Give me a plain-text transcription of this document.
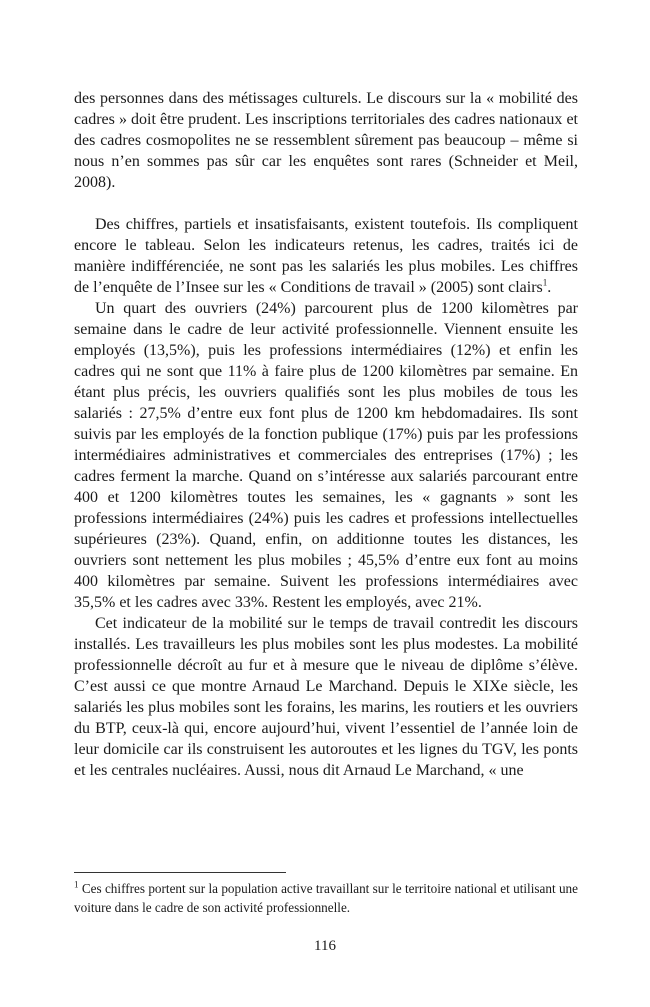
des personnes dans des métissages culturels. Le discours sur la « mobilité des cadres » doit être prudent. Les inscriptions territoriales des cadres nationaux et des cadres cosmopolites ne se ressemblent sûrement pas beaucoup – même si nous n’en sommes pas sûr car les enquêtes sont rares (Schneider et Meil, 2008).

Des chiffres, partiels et insatisfaisants, existent toutefois. Ils compliquent encore le tableau. Selon les indicateurs retenus, les cadres, traités ici de manière indifférenciée, ne sont pas les salariés les plus mobiles. Les chiffres de l’enquête de l’Insee sur les « Conditions de travail » (2005) sont clairs$^1$.

Un quart des ouvriers (24%) parcourent plus de 1200 kilomètres par semaine dans le cadre de leur activité professionnelle. Viennent ensuite les employés (13,5%), puis les professions intermédiaires (12%) et enfin les cadres qui ne sont que 11% à faire plus de 1200 kilomètres par semaine. En étant plus précis, les ouvriers qualifiés sont les plus mobiles de tous les salariés : 27,5% d’entre eux font plus de 1200 km hebdomadaires. Ils sont suivis par les employés de la fonction publique (17%) puis par les professions intermédiaires administratives et commerciales des entreprises (17%) ; les cadres ferment la marche. Quand on s’intéresse aux salariés parcourant entre 400 et 1200 kilomètres toutes les semaines, les « gagnants » sont les professions intermédiaires (24%) puis les cadres et professions intellectuelles supérieures (23%). Quand, enfin, on additionne toutes les distances, les ouvriers sont nettement les plus mobiles ; 45,5% d’entre eux font au moins 400 kilomètres par semaine. Suivent les professions intermédiaires avec 35,5% et les cadres avec 33%. Restent les employés, avec 21%.

Cet indicateur de la mobilité sur le temps de travail contredit les discours installés. Les travailleurs les plus mobiles sont les plus modestes. La mobilité professionnelle décroît au fur et à mesure que le niveau de diplôme s’élève. C’est aussi ce que montre Arnaud Le Marchand. Depuis le XIXe siècle, les salariés les plus mobiles sont les forains, les marins, les routiers et les ouvriers du BTP, ceux-là qui, encore aujourd’hui, vivent l’essentiel de l’année loin de leur domicile car ils construisent les autoroutes et les lignes du TGV, les ponts et les centrales nucléaires. Aussi, nous dit Arnaud Le Marchand, « une

$^1$ Ces chiffres portent sur la population active travaillant sur le territoire national et utilisant une voiture dans le cadre de son activité professionnelle.
116
